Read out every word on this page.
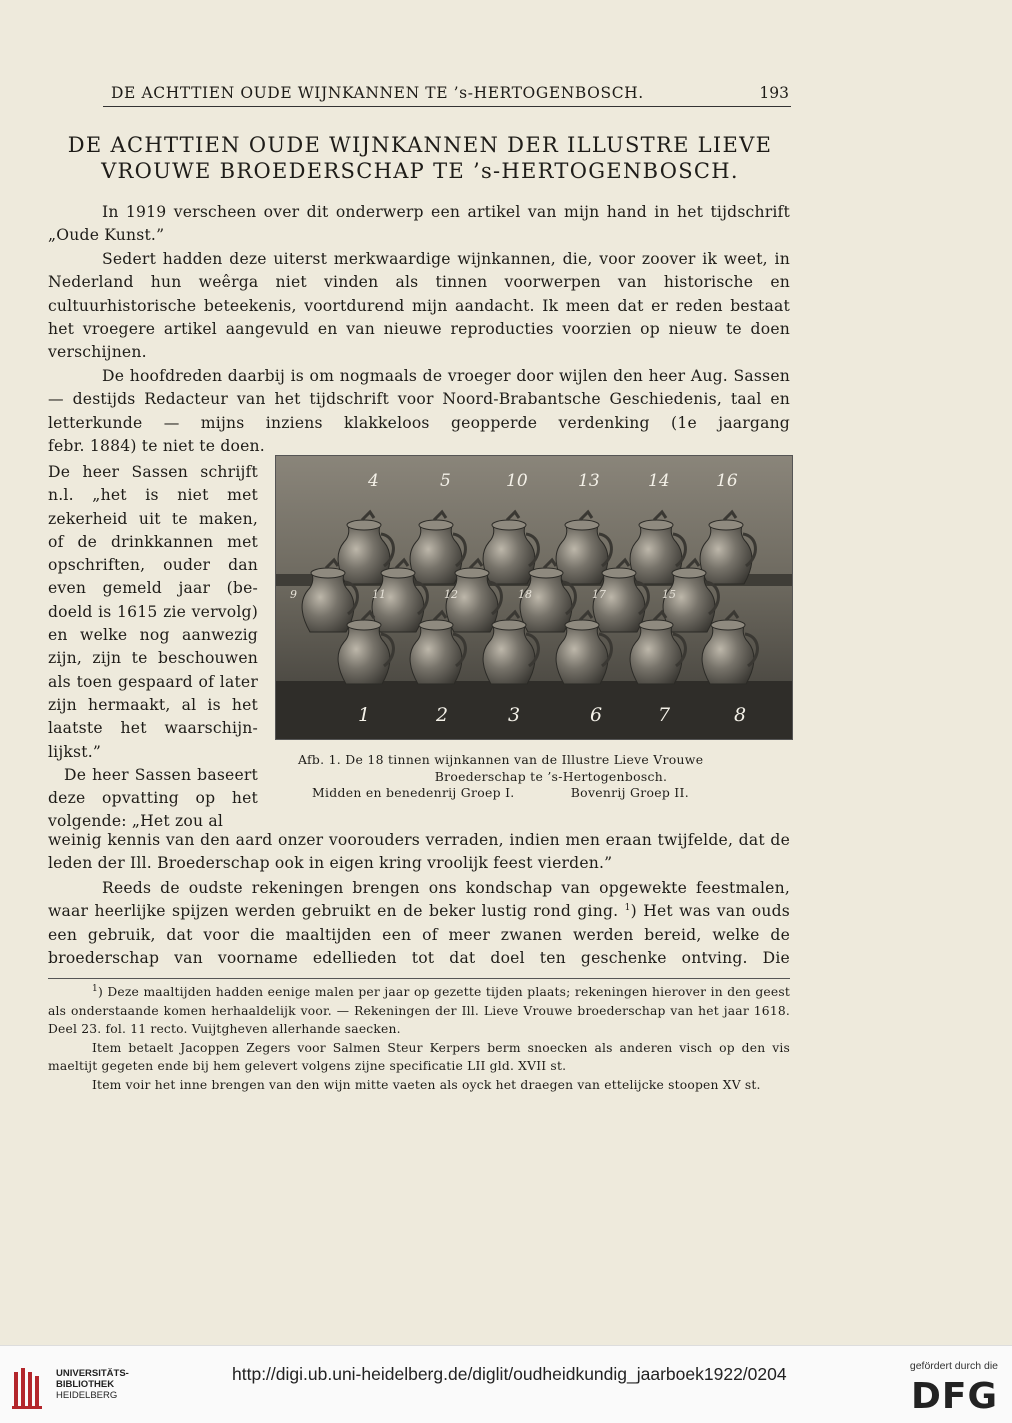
DE ACHTTIEN OUDE WIJNKANNEN TE ’s-HERTOGENBOSCH.	193
DE ACHTTIEN OUDE WIJNKANNEN DER ILLUSTRE LIEVE
VROUWE BROEDERSCHAP TE ’s-HERTOGENBOSCH.
In 1919 verscheen over dit onderwerp een artikel van mijn hand in het tijdschrift „Oude Kunst.”
Sedert hadden deze uiterst merkwaardige wijnkannen, die, voor zoover ik weet, in Nederland hun weêrga niet vinden als tinnen voorwerpen van historische en cultuurhistorische beteekenis, voortdurend mijn aandacht. Ik meen dat er reden bestaat het vroegere artikel aangevuld en van nieuwe reproducties voorzien op nieuw te doen verschijnen.
De hoofdreden daarbij is om nogmaals de vroeger door wijlen den heer Aug. Sassen — destijds Redacteur van het tijdschrift voor Noord-Brabantsche Geschiedenis, taal en letterkunde — mijns inziens klakkeloos geopperde verdenking (1e jaargang
febr. 1884) te niet te doen.

De heer Sassen schrijft n.l. „het is niet met zekerheid uit te maken, of de drinkkannen met opschriften, ouder dan even gemeld jaar (be- doeld is 1615 zie vervolg) en welke nog aanwezig zijn, zijn te beschouwen als toen gespaard of later zijn hermaakt, al is het laatste het waarschijn- lijkst.”

De heer Sassen baseert deze opvatting op het volgende: „Het zou al

4	5	10	13	14	16
9	11	12	18	17	15
1	2	3	6	7	8
Afb. 1. De 18 tinnen wijnkannen van de Illustre Lieve Vrouwe
Broederschap te ’s-Hertogenbosch.
Midden en benedenrij Groep I.	Bovenrij Groep II.
weinig kennis van den aard onzer voorouders verraden, indien men eraan twijfelde, dat de leden der Ill. Broederschap ook in eigen kring vroolijk feest vierden.”
Reeds de oudste rekeningen brengen ons kondschap van opgewekte feestmalen, waar heerlijke spijzen werden gebruikt en de beker lustig rond ging. $^1$) Het was van ouds een gebruik, dat voor die maaltijden een of meer zwanen werden bereid, welke de broederschap van voorname edellieden tot dat doel ten geschenke ontving. Die

$^1$) Deze maaltijden hadden eenige malen per jaar op gezette tijden plaats; rekeningen hierover in den geest als onderstaande komen herhaaldelijk voor. — Rekeningen der Ill. Lieve Vrouwe broederschap van het jaar 1618. Deel 23. fol. 11 recto. Vuijtgheven allerhande saecken.

Item betaelt Jacoppen Zegers voor Salmen Steur Kerpers berm snoecken als anderen visch op den vis maeltijt gegeten ende bij hem gelevert volgens zijne specificatie LII gld. XVII st.

Item voir het inne brengen van den wijn mitte vaeten als oyck het draegen van ettelijcke stoopen XV st.

UNIVERSITÄTS-
BIBLIOTHEK
HEIDELBERG
http://digi.ub.uni-heidelberg.de/diglit/oudheidkundig_jaarboek1922/0204	gefördert durch die
DFG
